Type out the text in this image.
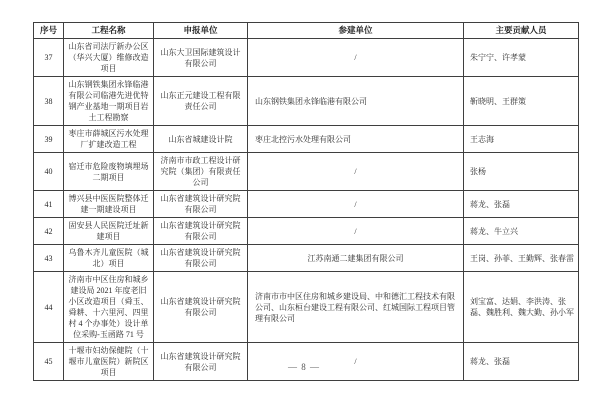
序号	工程名称	申报单位	参建单位	主要贡献人员
37	山东省司法厅新办公区（华兴大厦）维修改造项目	山东大卫国际建筑设计有限公司	/	朱宁宁、许孝蒙
38	山东钢铁集团永锋临港有限公司临港先进优特钢产业基地一期项目岩土工程勘察	山东正元建设工程有限责任公司	山东钢铁集团永锋临港有限公司	靳晓明、王群策
39	枣庄市薛城区污水处理厂扩建改造工程	山东省城建设计院	枣庄北控污水处理有限公司	王志海
40	宿迁市危险废物填埋场二期项目	济南市市政工程设计研究院（集团）有限责任公司	/	张杨
41	博兴县中医医院整体迁建一期建设项目	山东省建筑设计研究院有限公司	/	蒋龙、张磊
42	固安县人民医院迁址新建项目	山东省建筑设计研究院有限公司	/	蒋龙、牛立兴
43	乌鲁木齐儿童医院（城北）项目	山东省建筑设计研究院有限公司	江苏南通二建集团有限公司	王岗、孙菲、王勤辉、张春雷
44	济南市中区住房和城乡建设局 2021 年度老旧小区改造项目（舜玉、舜耕、十六里河、四里村 4 个办事处）设计单位采购-玉函路 71 号	山东省建筑设计研究院有限公司	济南市市中区住房和城乡建设局、中和德汇工程技术有限公司、山东桓台建设工程有限公司、红城国际工程项目管理有限公司	刘宝富、达娟、李洪涛、张磊、魏胜利、魏大勤、孙小军
45	十堰市妇幼保健院（十堰市儿童医院）新院区项目	山东省建筑设计研究院有限公司	/	蒋龙、张磊
— 8 —
